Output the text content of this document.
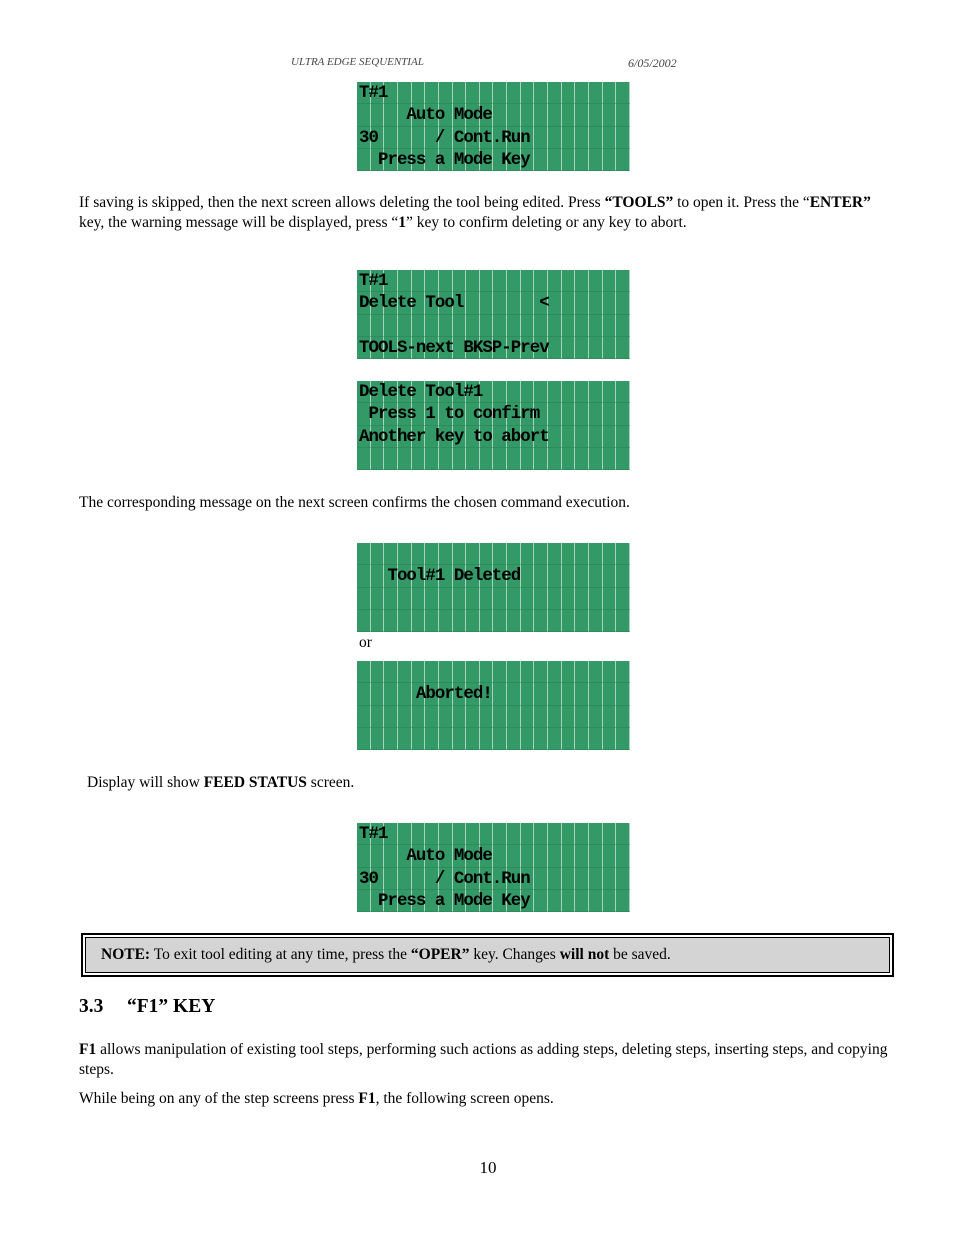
ULTRA EDGE SEQUENTIAL	6/05/2002
T#1
Auto Mode
30      / Cont.Run
Press a Mode Key
If saving is skipped, then the next screen allows deleting the tool being edited. Press “TOOLS” to open it. Press the “ENTER” key, the warning message will be displayed, press “1” key to confirm deleting or any key to abort.
T#1
Delete Tool        <
TOOLS-next BKSP-Prev
Delete Tool#1
Press 1 to confirm
Another key to abort
The corresponding message on the next screen confirms the chosen command execution.
Tool#1 Deleted
or
Aborted!
Display will show FEED STATUS screen.
T#1
Auto Mode
30      / Cont.Run
Press a Mode Key
NOTE: To exit tool editing at any time, press the “OPER” key. Changes will not be saved.
3.3 “F1” KEY
F1 allows manipulation of existing tool steps, performing such actions as adding steps, deleting steps, inserting steps, and copying steps.
While being on any of the step screens press F1, the following screen opens.
10
